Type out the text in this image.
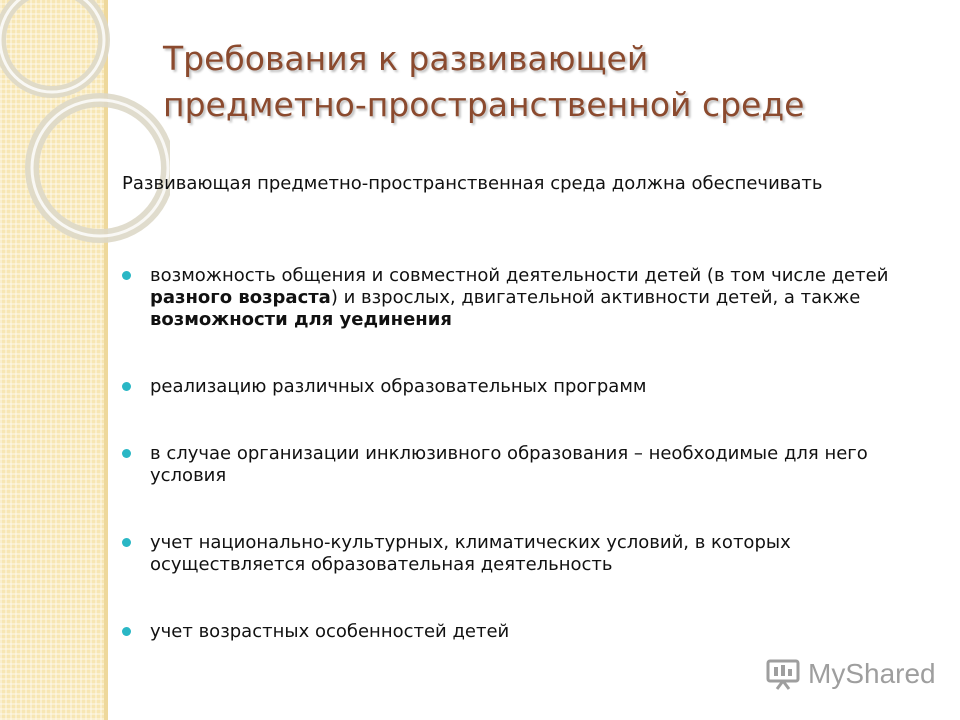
Требования к развивающей
предметно-пространственной среде

Развивающая предметно-пространственная среда должна обеспечивать

возможность общения и совместной деятельности детей (в том числе детей разного возраста) и взрослых, двигательной активности детей, а также возможности для уединения
реализацию различных образовательных программ
в случае организации инклюзивного образования – необходимые для него условия
учет национально-культурных, климатических условий, в которых осуществляется образовательная деятельность
учет возрастных особенностей детей
MyShared
